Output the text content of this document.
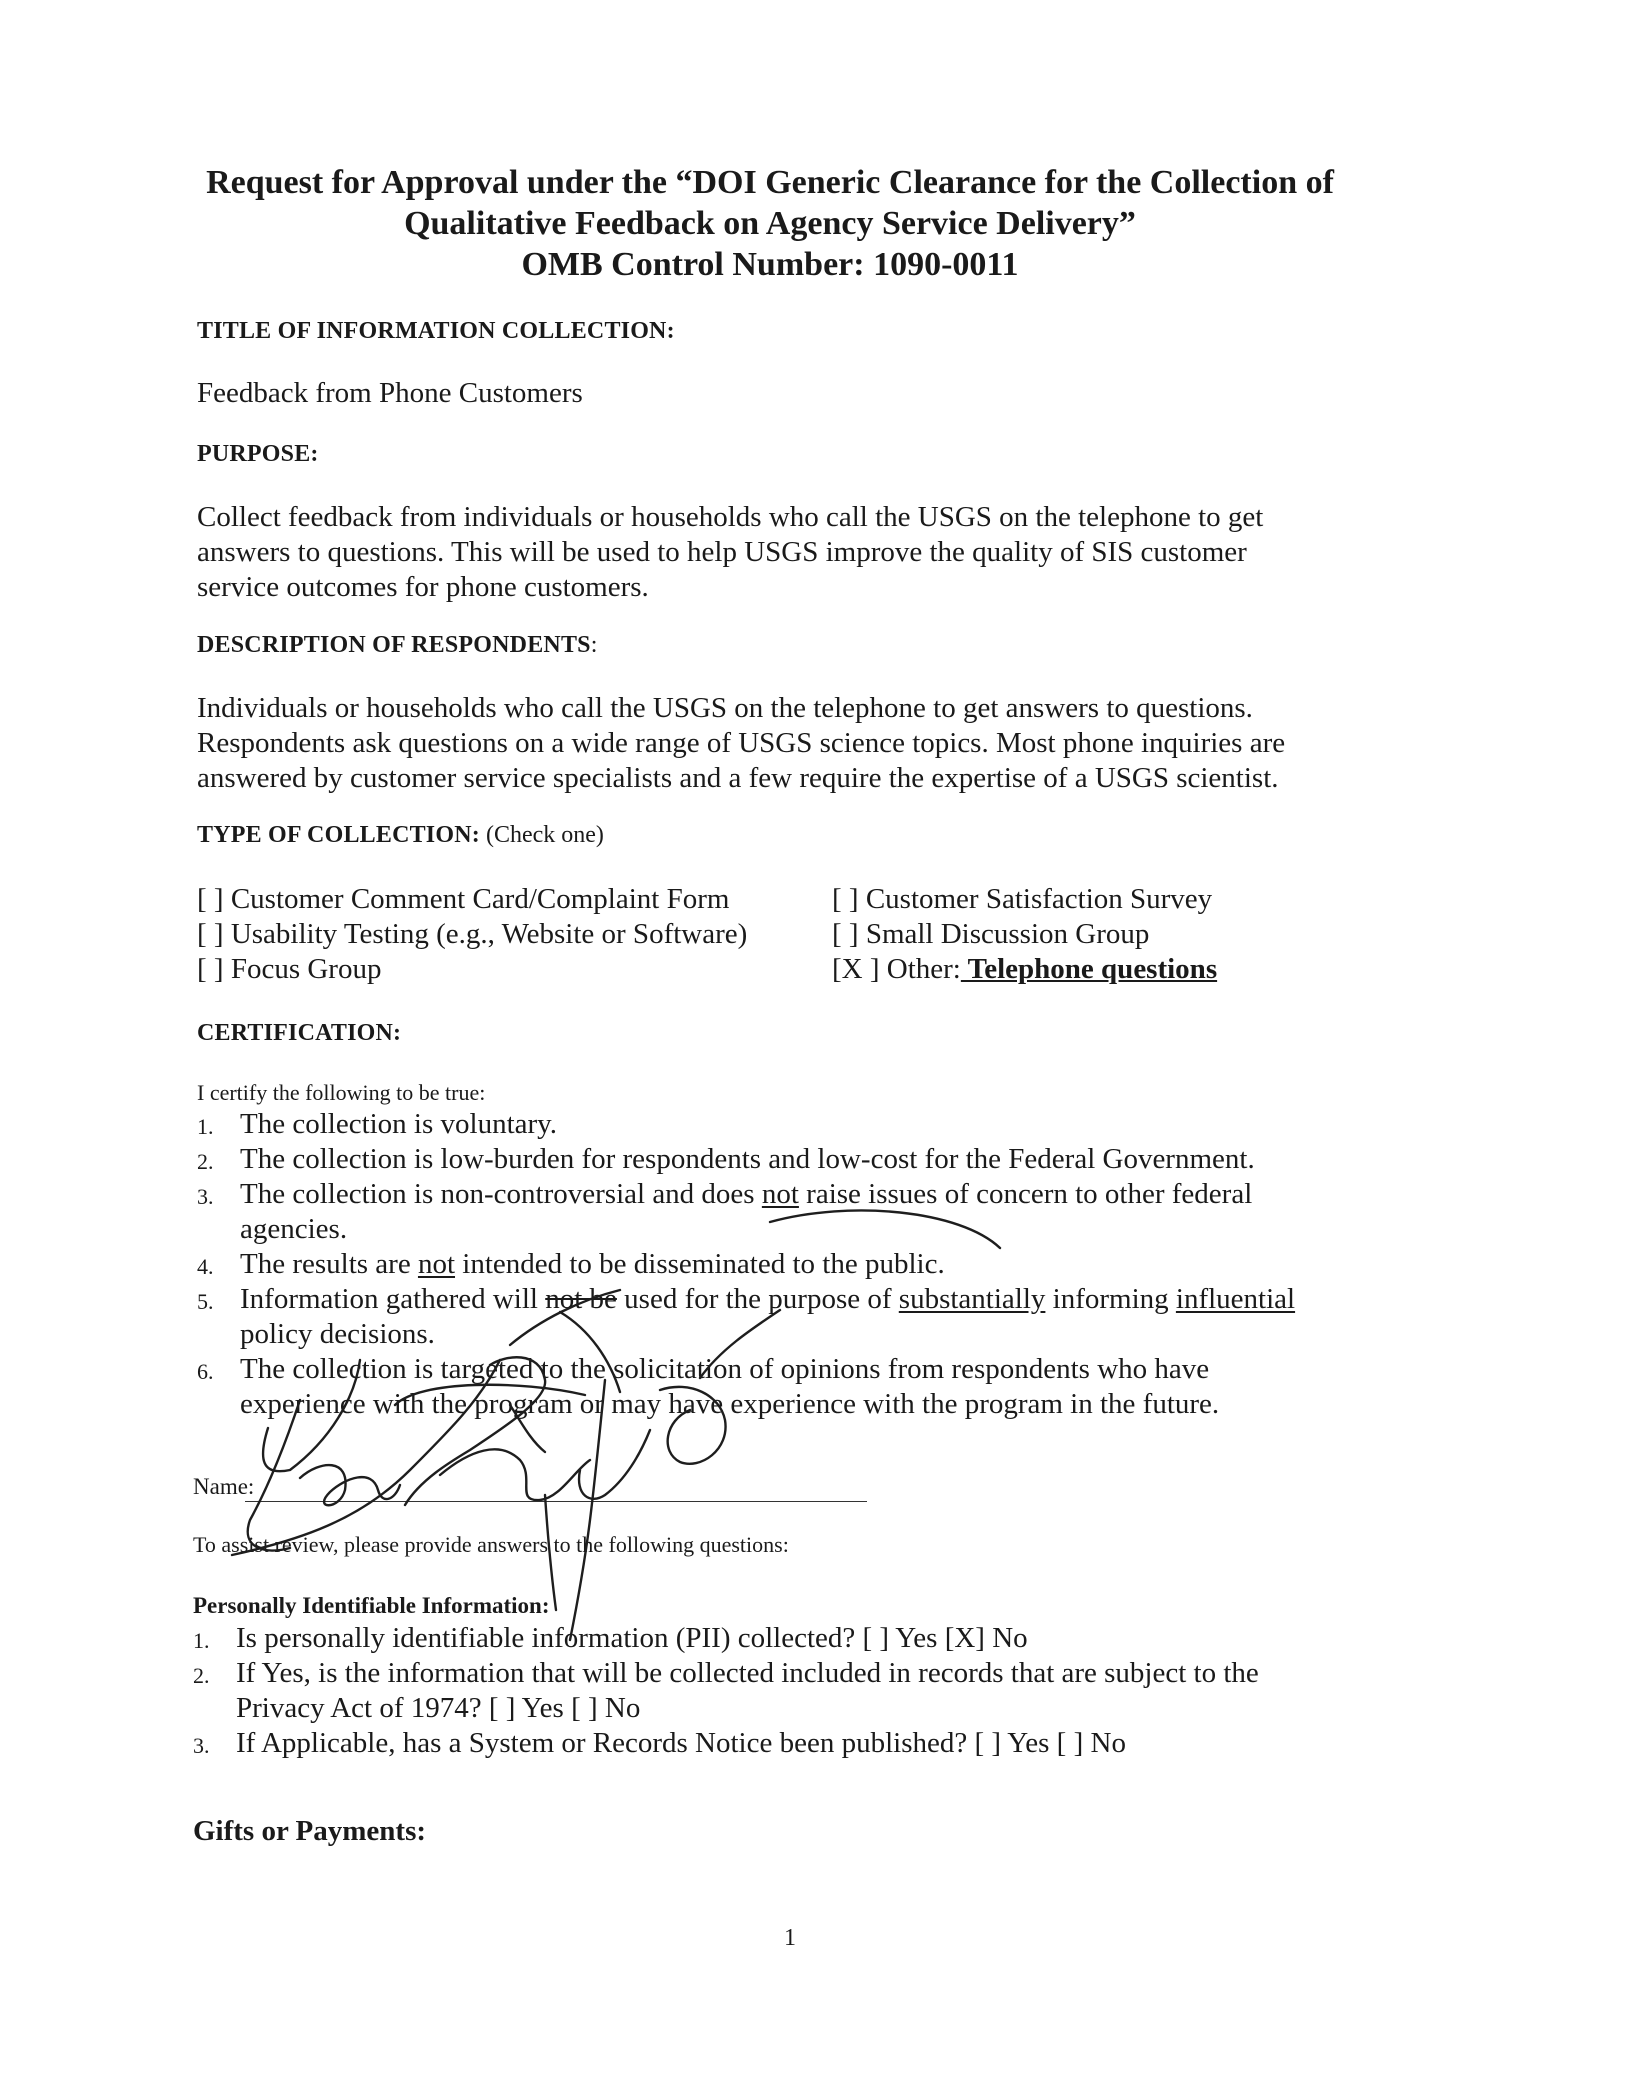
Request for Approval under the “DOI Generic Clearance for the Collection of
Qualitative Feedback on Agency Service Delivery”
OMB Control Number: 1090-0011
TITLE OF INFORMATION COLLECTION:
Feedback from Phone Customers
PURPOSE:
Collect feedback from individuals or households who call the USGS on the telephone to get
answers to questions. This will be used to help USGS improve the quality of SIS customer
service outcomes for phone customers.
DESCRIPTION OF RESPONDENTS:
Individuals or households who call the USGS on the telephone to get answers to questions.
Respondents ask questions on a wide range of USGS science topics. Most phone inquiries are
answered by customer service specialists and a few require the expertise of a USGS scientist.
TYPE OF COLLECTION: (Check one)
[ ] Customer Comment Card/Complaint Form
[ ] Usability Testing (e.g., Website or Software)
[ ] Focus Group
[ ] Customer Satisfaction Survey
[ ] Small Discussion Group
[X ] Other: Telephone questions
CERTIFICATION:
I certify the following to be true:
1. The collection is voluntary.
2. The collection is low-burden for respondents and low-cost for the Federal Government.
3. The collection is non-controversial and does not raise issues of concern to other federal
agencies.
4. The results are not intended to be disseminated to the public.
5. Information gathered will not be used for the purpose of substantially informing influential
policy decisions.
6. The collection is targeted to the solicitation of opinions from respondents who have
experience with the program or may have experience with the program in the future.
Name:
To assist review, please provide answers to the following questions:
Personally Identifiable Information:
1. Is personally identifiable information (PII) collected? [ ] Yes [X] No
2. If Yes, is the information that will be collected included in records that are subject to the
Privacy Act of 1974? [ ] Yes [ ] No
3. If Applicable, has a System or Records Notice been published? [ ] Yes [ ] No
Gifts or Payments:
1
